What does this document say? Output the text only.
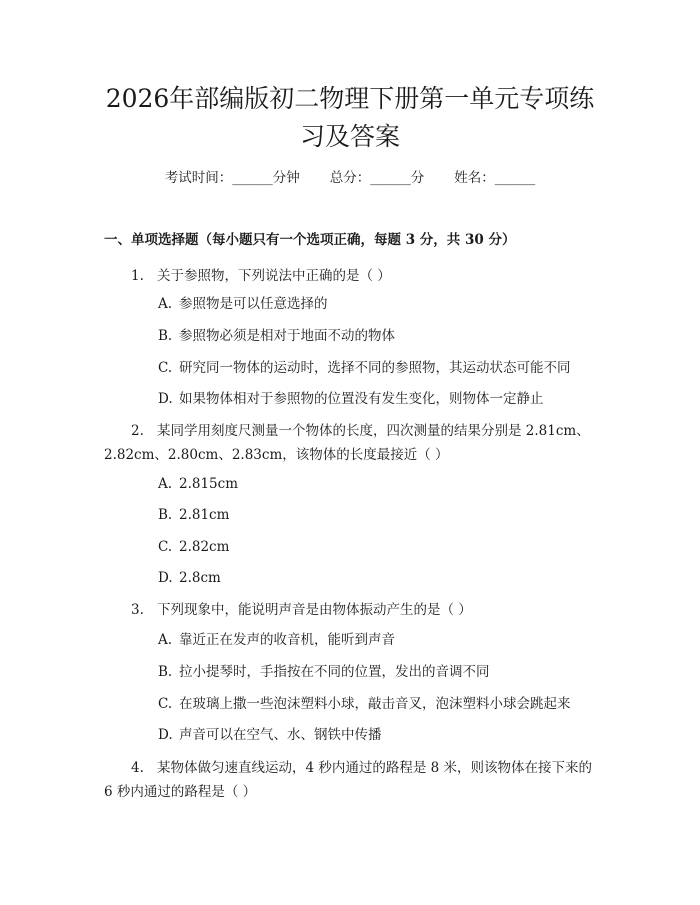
2026年部编版初二物理下册第一单元专项练
习及答案
考试时间：______分钟 总分：______分 姓名：______
一、单项选择题（每小题只有一个选项正确，每题 3 分，共 30 分）

1. 关于参照物，下列说法中正确的是（ ）

A. 参照物是可以任意选择的

B. 参照物必须是相对于地面不动的物体

C. 研究同一物体的运动时，选择不同的参照物，其运动状态可能不同

D. 如果物体相对于参照物的位置没有发生变化，则物体一定静止

2. 某同学用刻度尺测量一个物体的长度，四次测量的结果分别是 2.81cm、2.82cm、2.80cm、2.83cm，该物体的长度最接近（ ）

A. 2.815cm

B. 2.81cm

C. 2.82cm

D. 2.8cm

3. 下列现象中，能说明声音是由物体振动产生的是（ ）

A. 靠近正在发声的收音机，能听到声音

B. 拉小提琴时，手指按在不同的位置，发出的音调不同

C. 在玻璃上撒一些泡沫塑料小球，敲击音叉，泡沫塑料小球会跳起来

D. 声音可以在空气、水、钢铁中传播

4. 某物体做匀速直线运动，4 秒内通过的路程是 8 米，则该物体在接下来的 6 秒内通过的路程是（ ）
